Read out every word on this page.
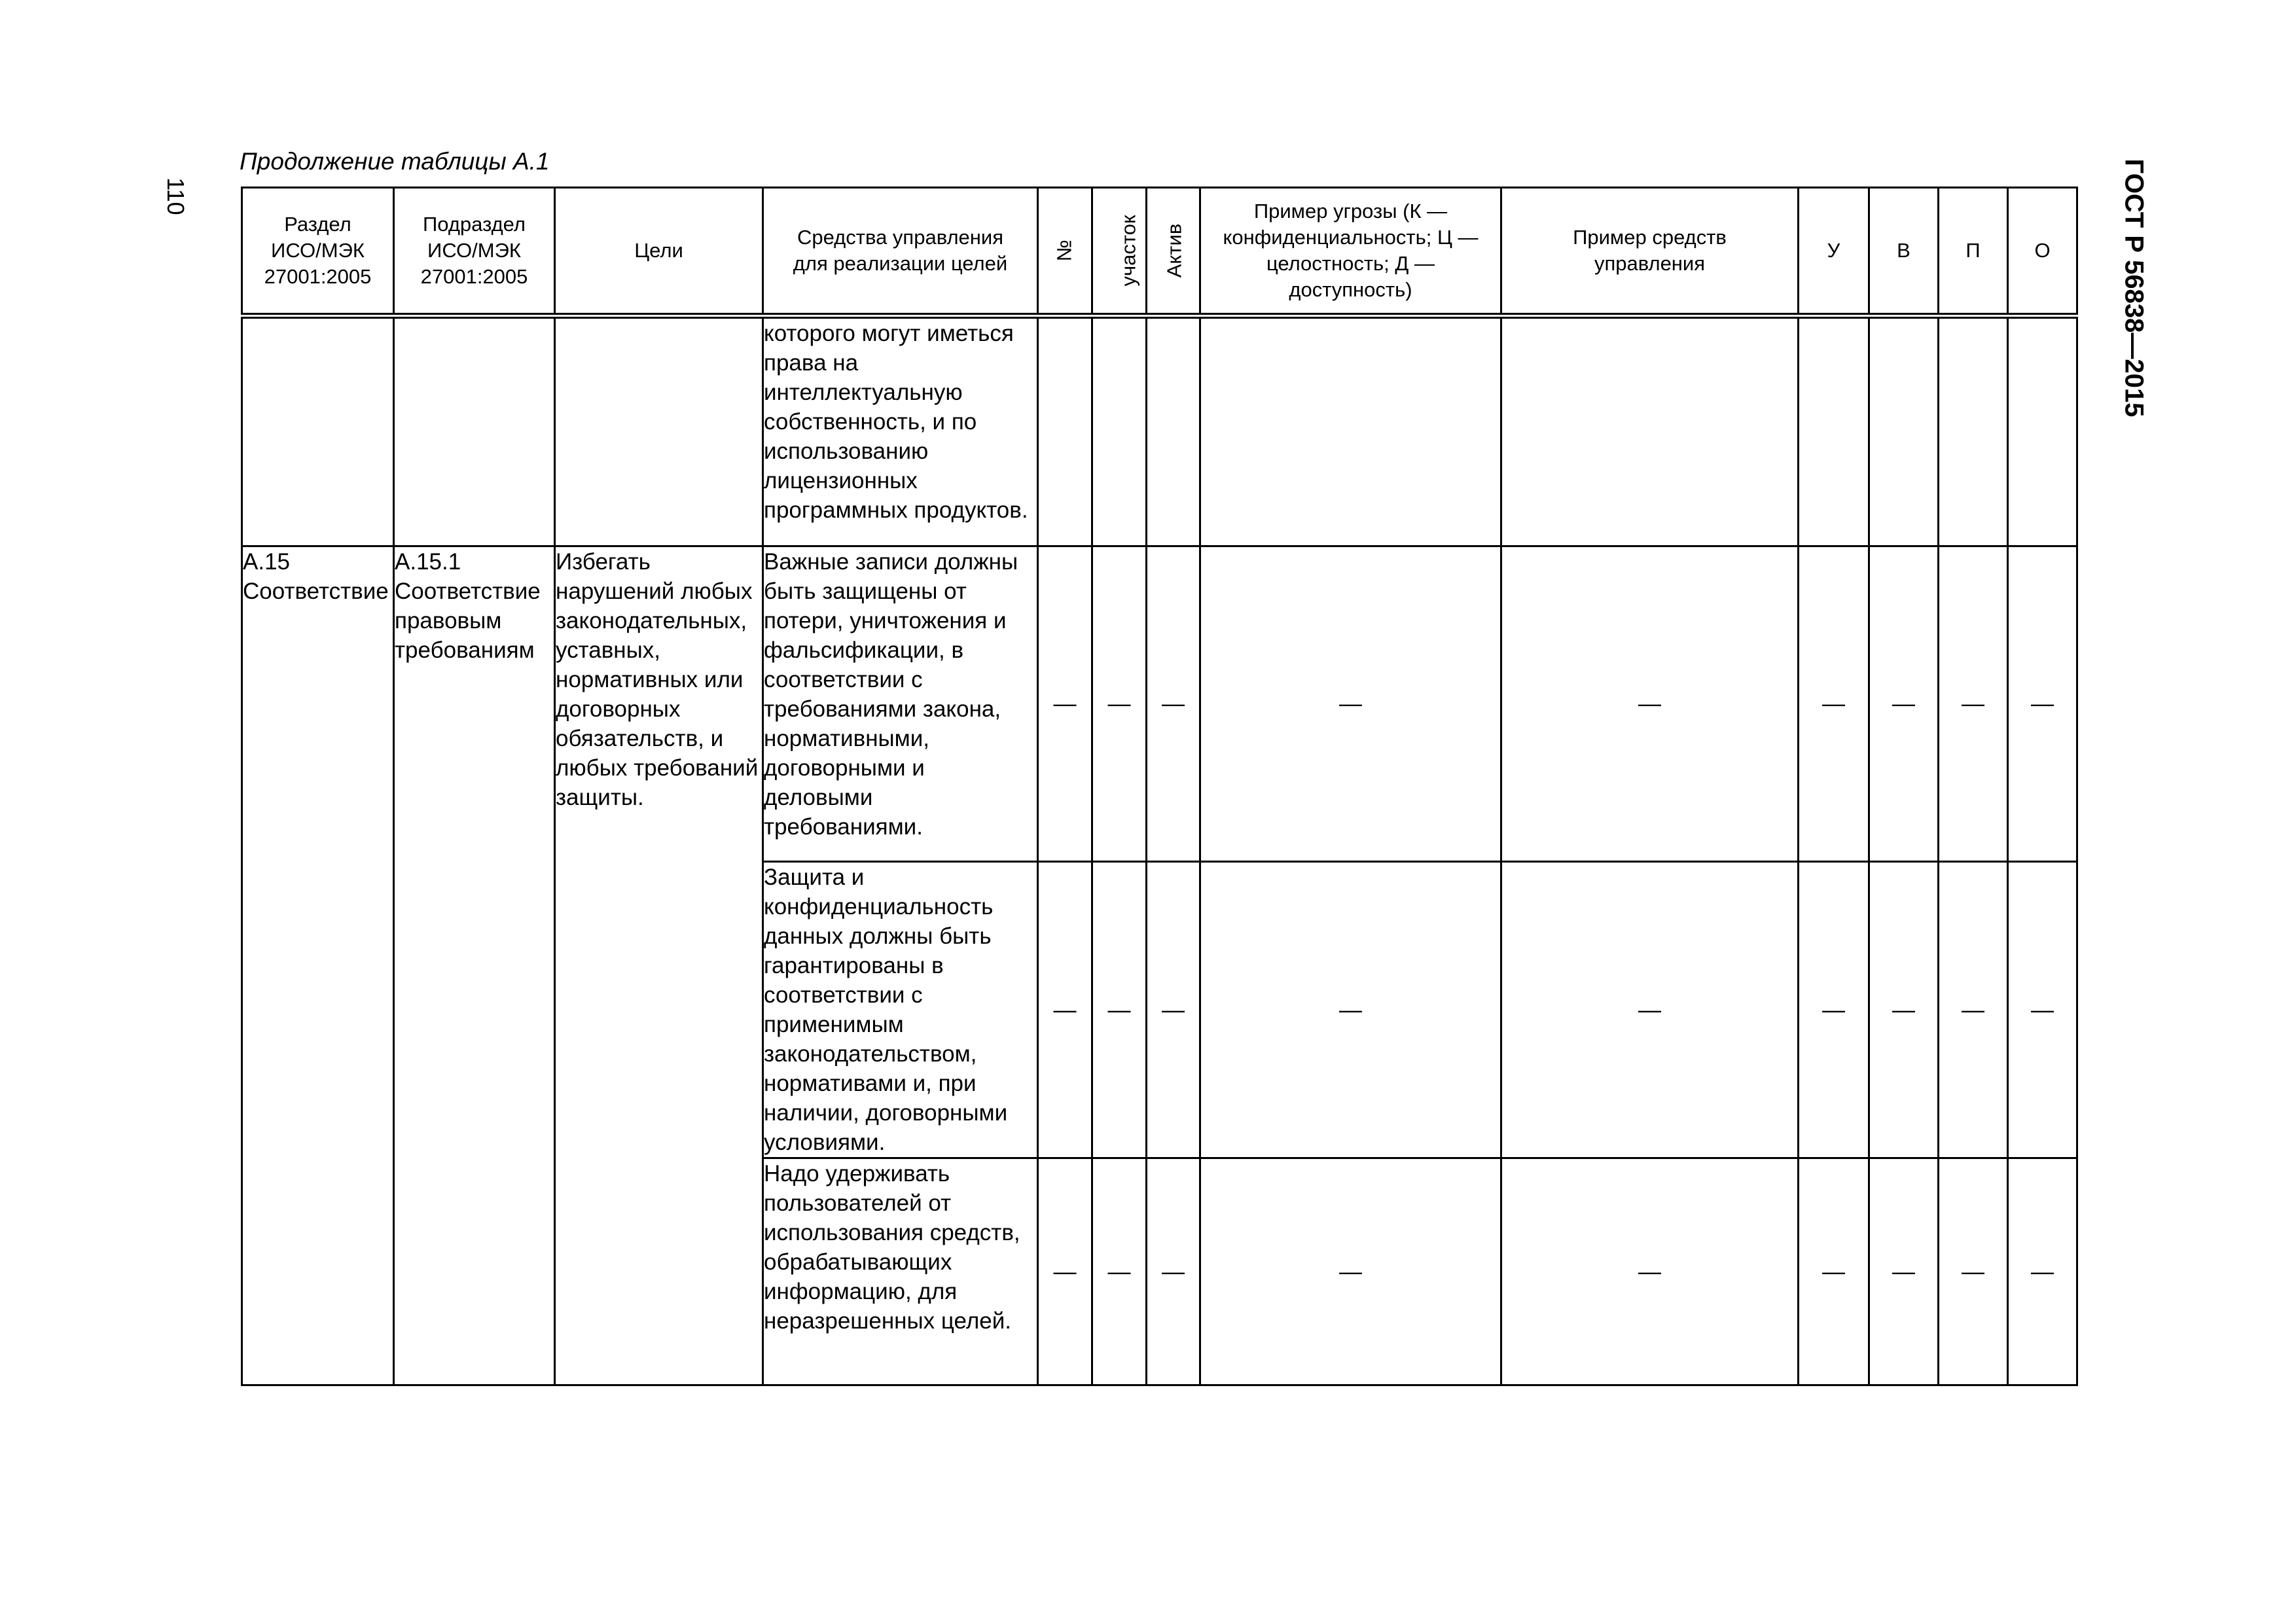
110	ГОСТ Р 56838—2015
Продолжение таблицы А.1
Раздел ИСО/МЭК 27001:2005	Подраздел ИСО/МЭК 27001:2005	Цели	Средства управления для реализации целей	№	участок	Актив	Пример угрозы (К — конфиденциальность; Ц — целостность; Д — доступность)	Пример средств управления	У	В	П	О
			которого могут иметься права на интеллектуальную собственность, и по использованию лицензионных программных продуктов.									
А.15 Соответствие	А.15.1 Соответствие правовым требованиям	Избегать нарушений любых законодательных, уставных, нормативных или договорных обязательств, и любых требований защиты.	Важные записи должны быть защищены от потери, уничтожения и фальсификации, в соответствии с требованиями закона, нормативными, договорными и деловыми требованиями.	—	—	—	—	—	—	—	—	—
			Защита и конфиденциальность данных должны быть гарантированы в соответствии с применимым законодательством, нормативами и, при наличии, договорными условиями.	—	—	—	—	—	—	—	—	—
			Надо удерживать пользователей от использования средств, обрабатывающих информацию, для неразрешенных целей.	—	—	—	—	—	—	—	—	—
